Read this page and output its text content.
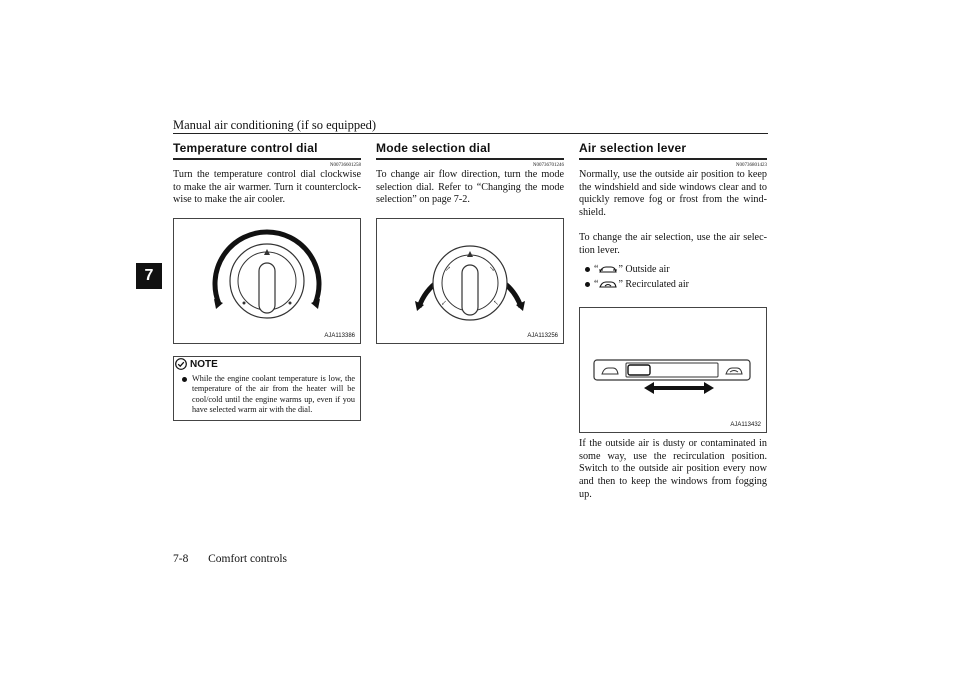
Manual air conditioning (if so equipped)
7
Temperature control dial
N00736601258
Turn the temperature control dial clockwise to make the air warmer. Turn it counterclock-wise to make the air cooler.
AJA113386
NOTE
While the engine coolant temperature is low, the temperature of the air from the heater will be cool/cold until the engine warms up, even if you have selected warm air with the dial.
Mode selection dial
N00736701246
To change air flow direction, turn the mode selection dial. Refer to “Changing the mode selection” on page 7-2.
↗	↘
↙	↖
AJA113256
Air selection lever
N00736801423
Normally, use the outside air position to keep the windshield and side windows clear and to quickly remove fog or frost from the wind-shield.
To change the air selection, use the air selec-tion lever.
“ ” Outside air
“ ” Recirculated air
AJA113432
If the outside air is dusty or contaminated in some way, use the recirculation position. Switch to the outside air position every now and then to keep the windows from fogging up.
7-8 Comfort controls
